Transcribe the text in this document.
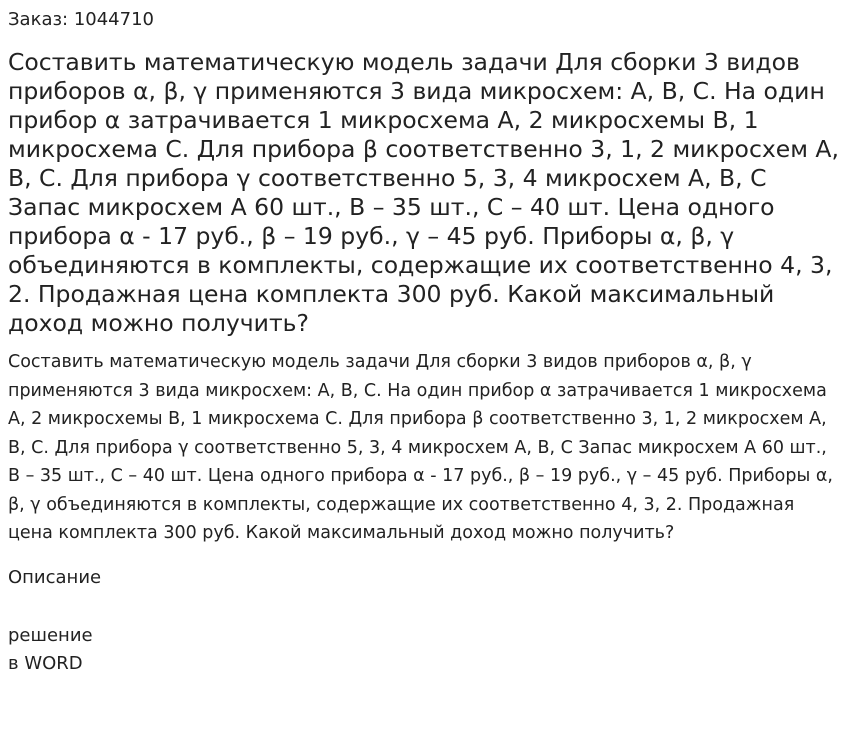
Заказ: 1044710
Составить математическую модель задачи Для сборки 3 видов приборов α, β, γ применяются 3 вида микросхем: A, B, C. На один прибор α затрачивается 1 микросхема A, 2 микросхемы B, 1 микросхема C. Для прибора β соответственно 3, 1, 2 микросхем A, B, C. Для прибора γ соответственно 5, 3, 4 микросхем A, B, C Запас микросхем A 60 шт., B – 35 шт., C – 40 шт. Цена одного прибора α - 17 руб., β – 19 руб., γ – 45 руб. Приборы α, β, γ объединяются в комплекты, содержащие их соответственно 4, 3, 2. Продажная цена комплекта 300 руб. Какой максимальный доход можно получить?

Составить математическую модель задачи Для сборки 3 видов приборов α, β, γ применяются 3 вида микросхем: A, B, C. На один прибор α затрачивается 1 микросхема A, 2 микросхемы B, 1 микросхема C. Для прибора β соответственно 3, 1, 2 микросхем A, B, C. Для прибора γ соответственно 5, 3, 4 микросхем A, B, C Запас микросхем A 60 шт., B – 35 шт., C – 40 шт. Цена одного прибора α - 17 руб., β – 19 руб., γ – 45 руб. Приборы α, β, γ объединяются в комплекты, содержащие их соответственно 4, 3, 2. Продажная цена комплекта 300 руб. Какой максимальный доход можно получить?

Описание
решение
в WORD
